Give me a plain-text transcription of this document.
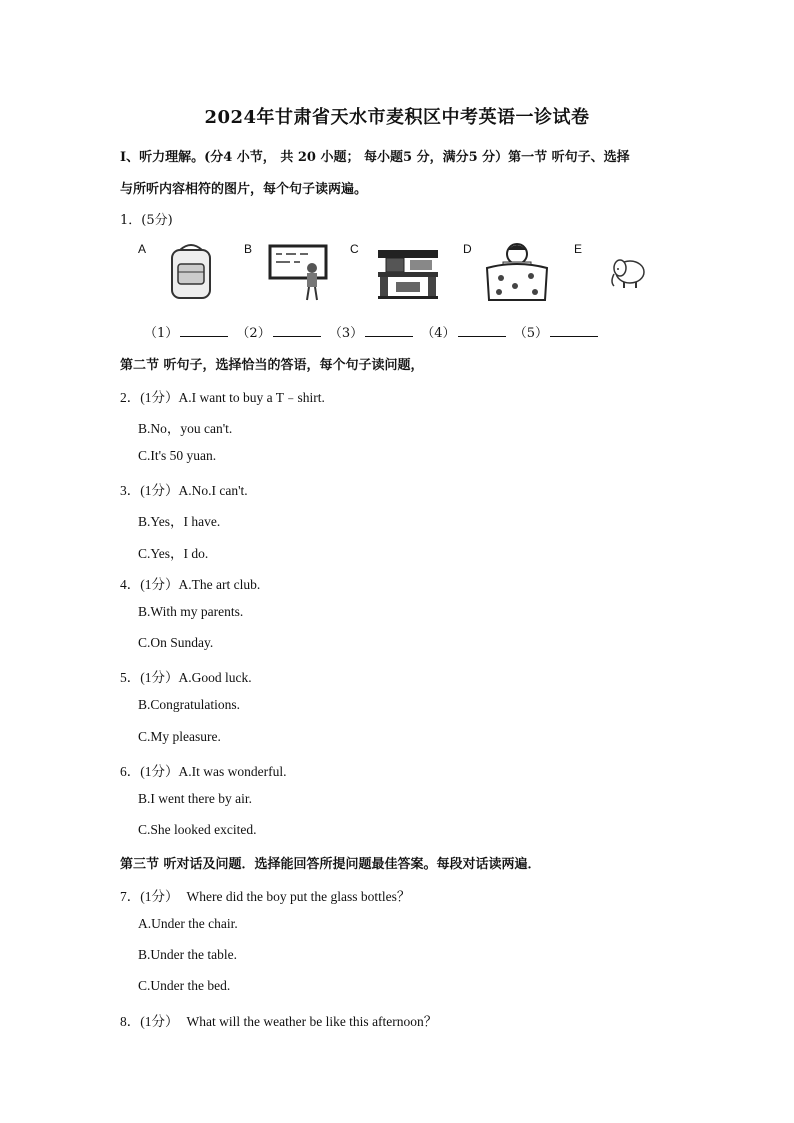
2024年甘肃省天水市麦积区中考英语一诊试卷
I、听力理解。(分4 小节， 共 20 小题； 每小题5 分，满分5 分）第一节 听句子、选择
与所听内容相符的图片，每个句子读两遍。
1．(5分)
A	B	C	D	E
（1）	（2）	（3）	（4）	（5）
第二节 听句子，选择恰当的答语，每个句子读问题，
2．(1分）A.I want to buy a T﹣shirt.
B.No，you can't.
C.It's 50 yuan.
3．(1分）A.No.I can't.
B.Yes，I have.
C.Yes，I do.
4．(1分）A.The art club.
B.With my parents.
C.On Sunday.
5．(1分）A.Good luck.
B.Congratulations.
C.My pleasure.
6．(1分）A.It was wonderful.
B.I went there by air.
C.She looked excited.
第三节 听对话及问题．选择能回答所提问题最佳答案。每段对话读两遍．
7．(1分） Where did the boy put the glass bottles？
A.Under the chair.
B.Under the table.
C.Under the bed.
8．(1分） What will the weather be like this afternoon？
